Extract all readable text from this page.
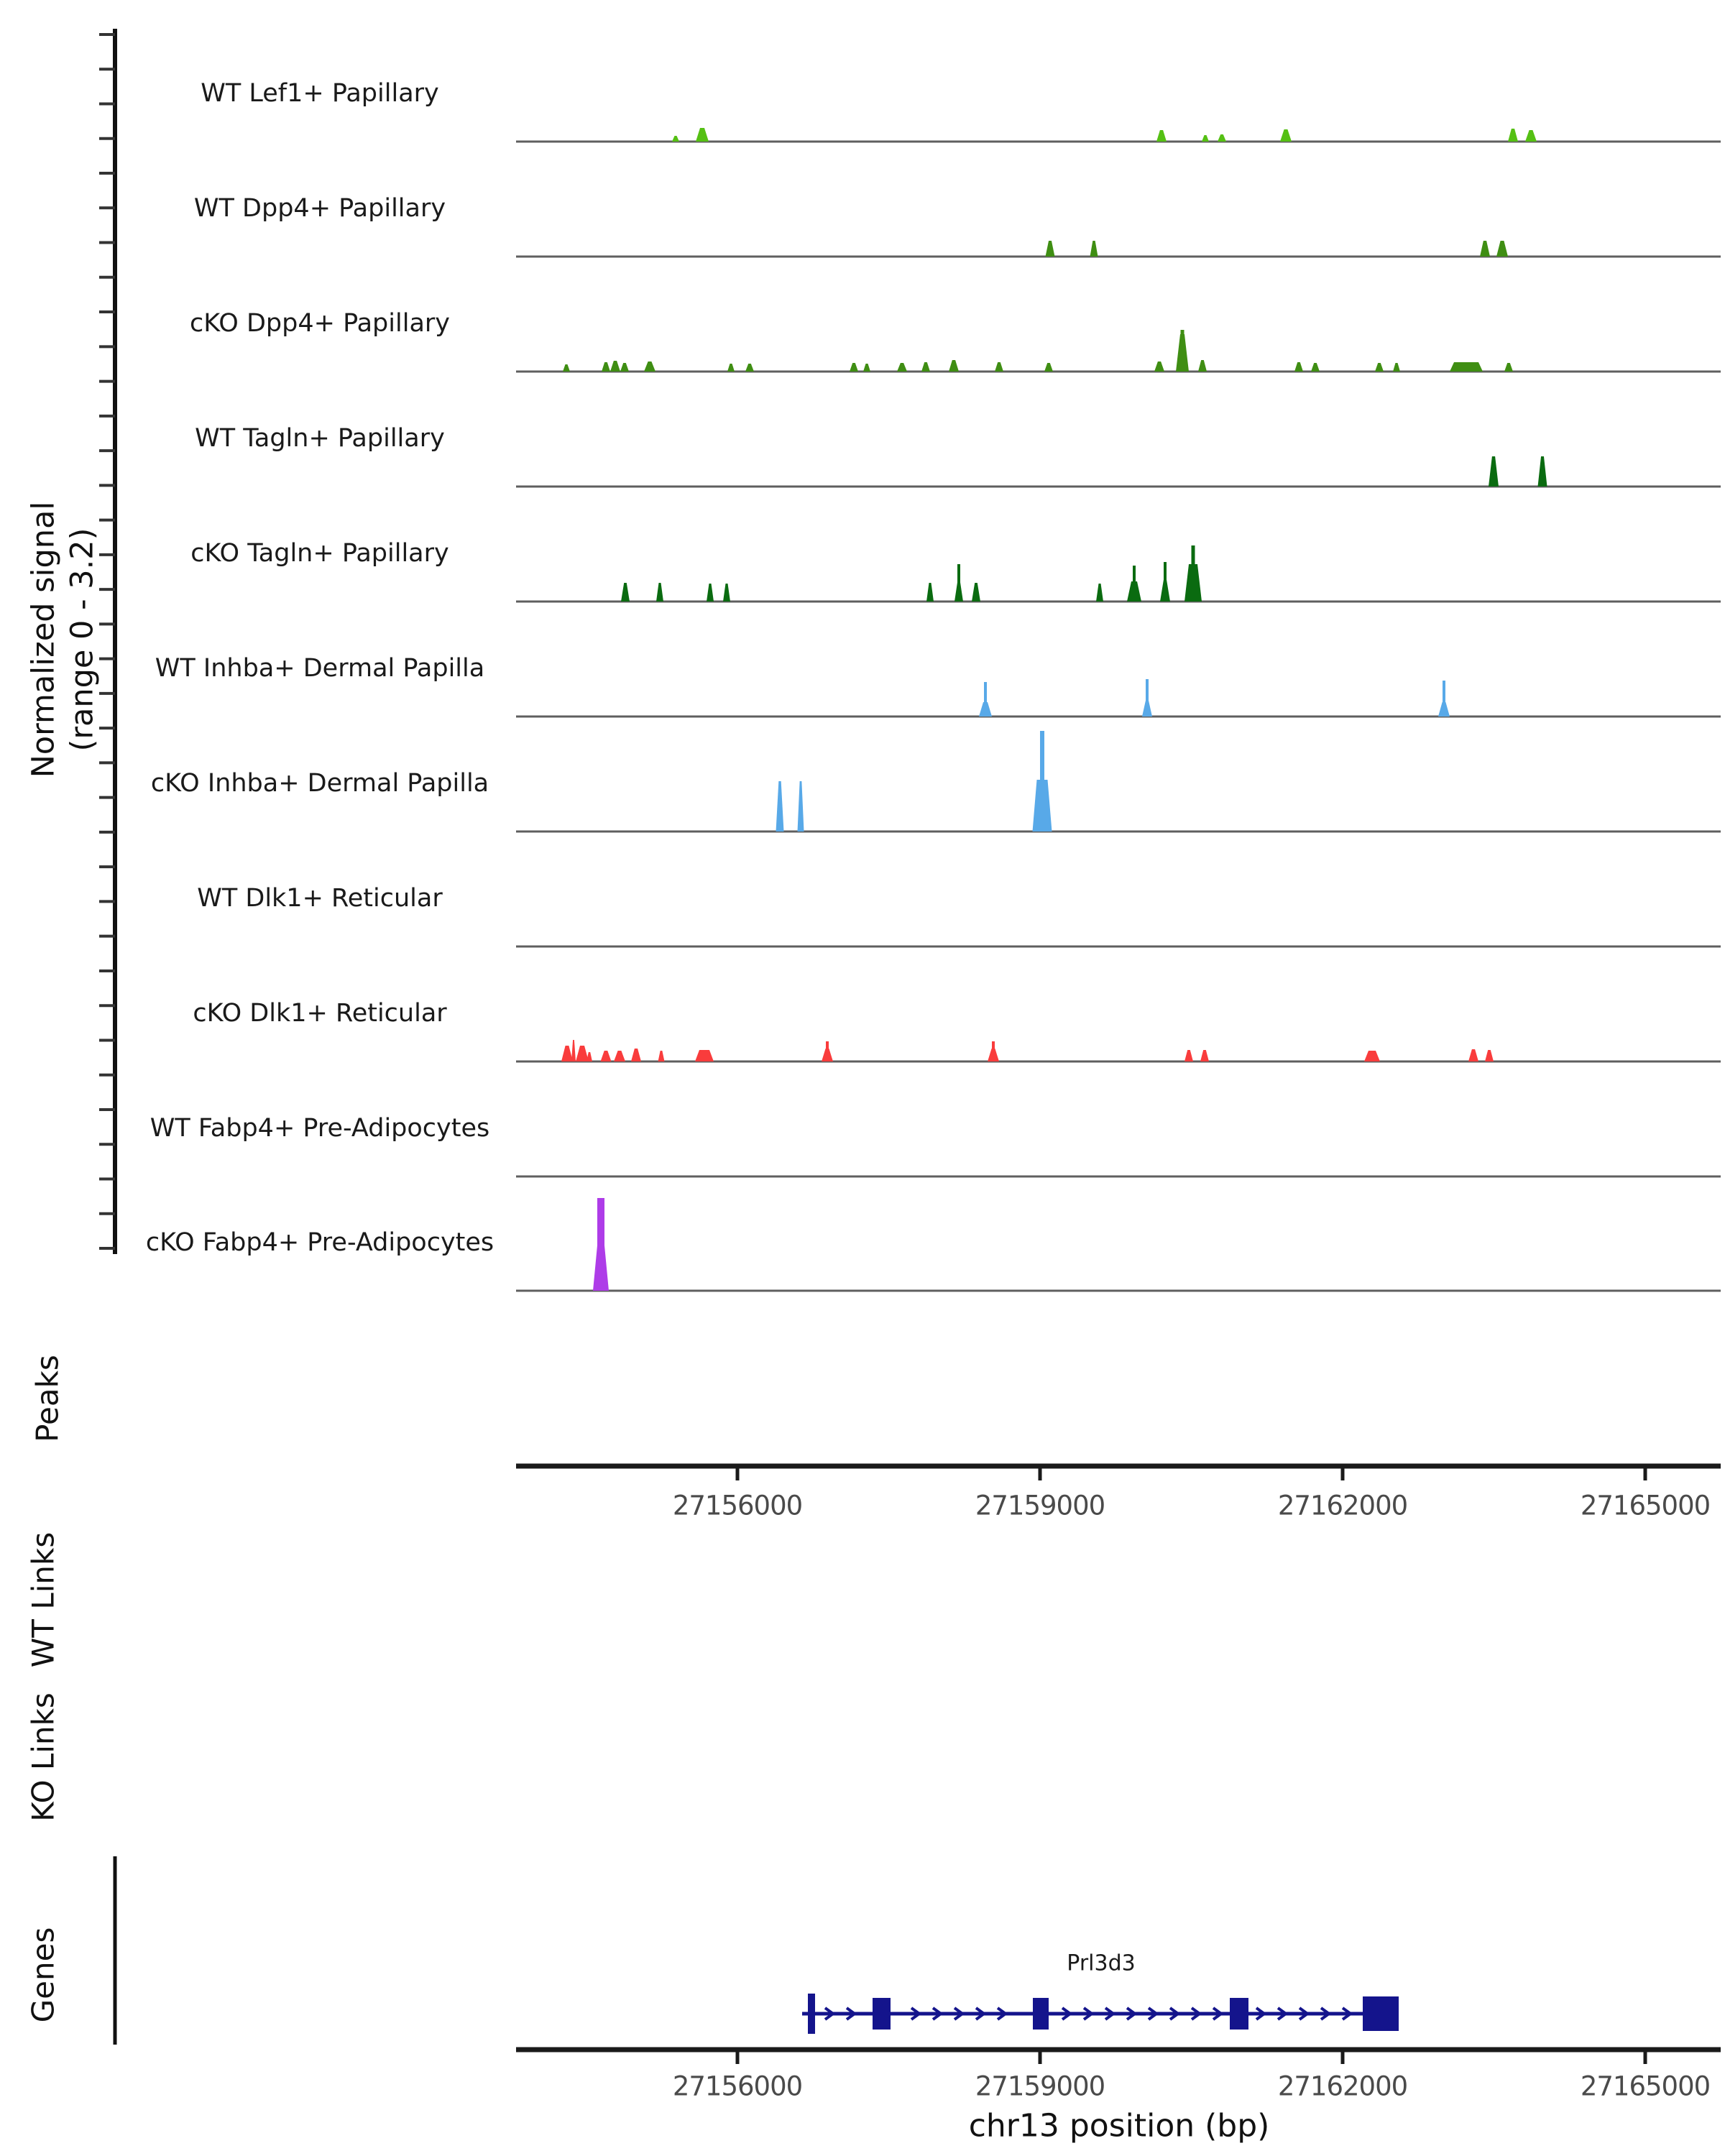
Normalized signal (range 0 - 3.2)
Peaks
WT Links
KO Links
Genes	Prl3d3
chr13 position (bp)
WT Lef1+ Papillary
WT Dpp4+ Papillary
cKO Dpp4+ Papillary
WT Tagln+ Papillary
cKO Tagln+ Papillary
WT Inhba+ Dermal Papilla
cKO Inhba+ Dermal Papilla
WT Dlk1+ Reticular
cKO Dlk1+ Reticular
WT Fabp4+ Pre-Adipocytes
cKO Fabp4+ Pre-Adipocytes
27156000	27159000	27162000	27165000
27156000	27159000	27162000	27165000
